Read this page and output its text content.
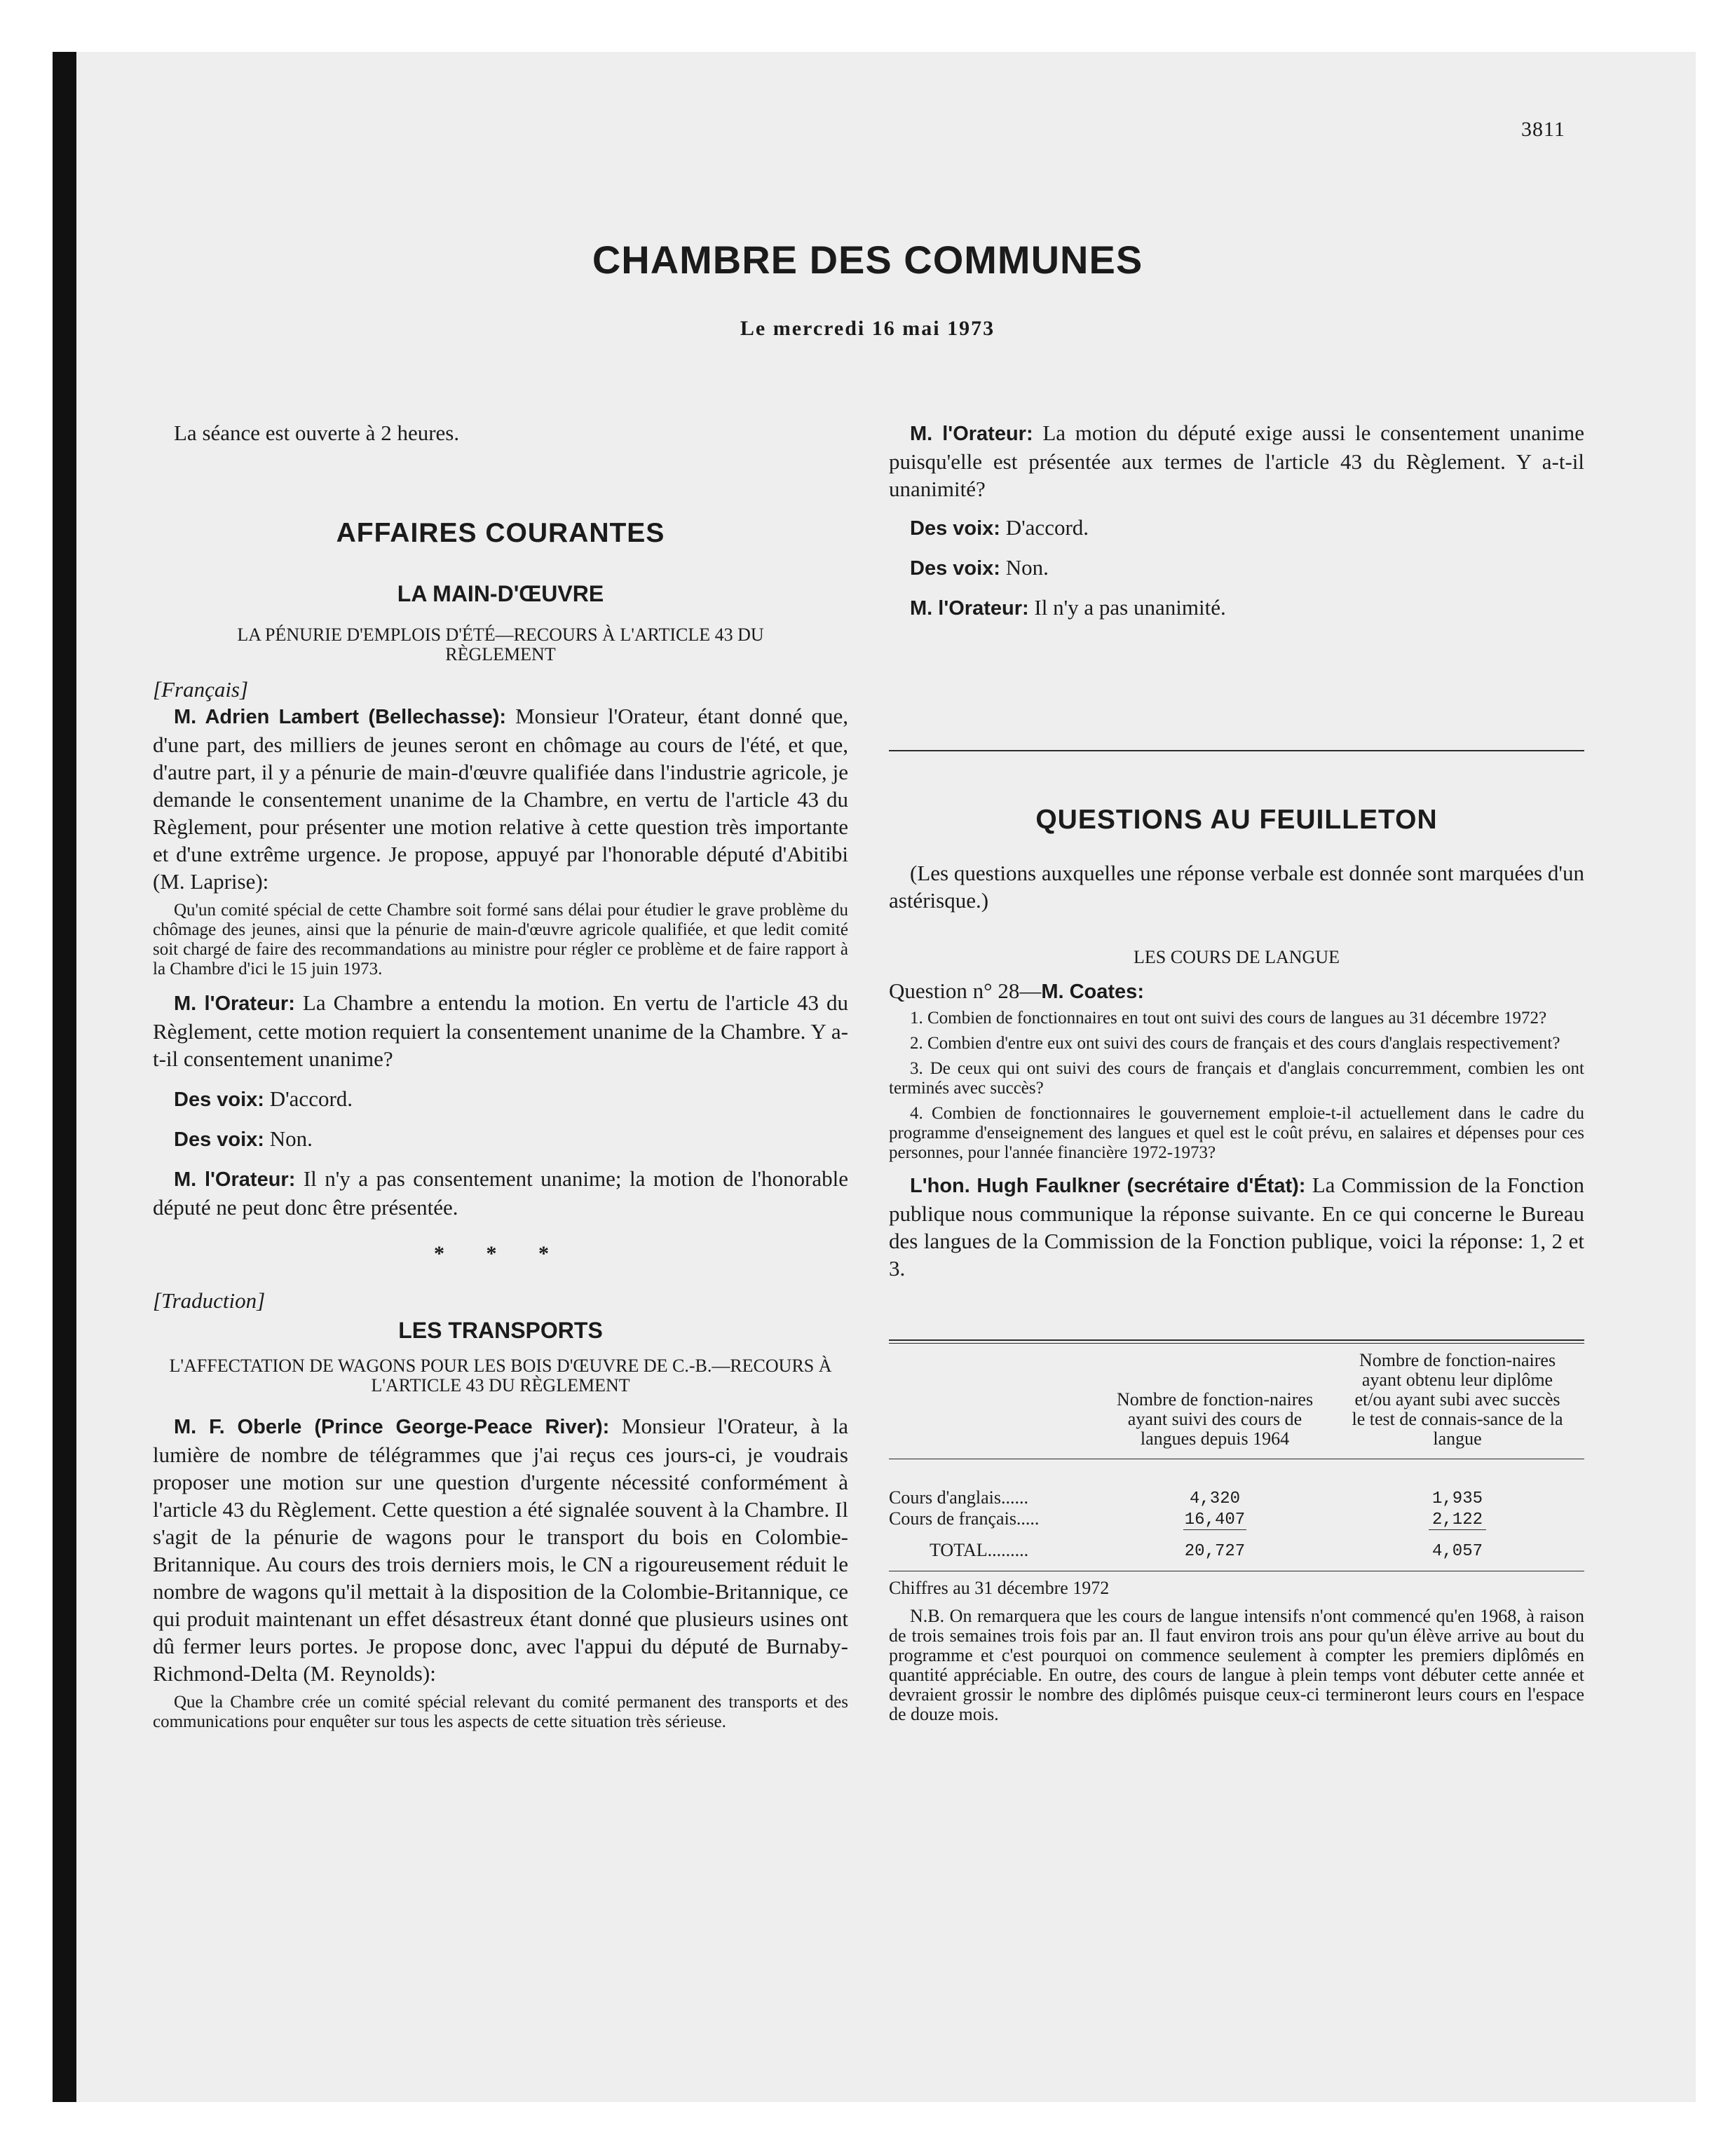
3811
CHAMBRE DES COMMUNES
Le mercredi 16 mai 1973

La séance est ouverte à 2 heures.

AFFAIRES COURANTES

LA MAIN-D'ŒUVRE

LA PÉNURIE D'EMPLOIS D'ÉTÉ—RECOURS À L'ARTICLE 43 DU RÈGLEMENT

[Français]

M. Adrien Lambert (Bellechasse): Monsieur l'Orateur, étant donné que, d'une part, des milliers de jeunes seront en chômage au cours de l'été, et que, d'autre part, il y a pénurie de main-d'œuvre qualifiée dans l'industrie agricole, je demande le consentement unanime de la Chambre, en vertu de l'article 43 du Règlement, pour présenter une motion relative à cette question très importante et d'une extrême urgence. Je propose, appuyé par l'honorable député d'Abitibi (M. Laprise):

Qu'un comité spécial de cette Chambre soit formé sans délai pour étudier le grave problème du chômage des jeunes, ainsi que la pénurie de main-d'œuvre agricole qualifiée, et que ledit comité soit chargé de faire des recommandations au ministre pour régler ce problème et de faire rapport à la Chambre d'ici le 15 juin 1973.

M. l'Orateur: La Chambre a entendu la motion. En vertu de l'article 43 du Règlement, cette motion requiert la consentement unanime de la Chambre. Y a-t-il consentement unanime?

Des voix: D'accord.

Des voix: Non.

M. l'Orateur: Il n'y a pas consentement unanime; la motion de l'honorable député ne peut donc être présentée.

* * *

[Traduction]

LES TRANSPORTS

L'AFFECTATION DE WAGONS POUR LES BOIS D'ŒUVRE DE C.-B.—RECOURS À L'ARTICLE 43 DU RÈGLEMENT

M. F. Oberle (Prince George-Peace River): Monsieur l'Orateur, à la lumière de nombre de télégrammes que j'ai reçus ces jours-ci, je voudrais proposer une motion sur une question d'urgente nécessité conformément à l'article 43 du Règlement. Cette question a été signalée souvent à la Chambre. Il s'agit de la pénurie de wagons pour le transport du bois en Colombie-Britannique. Au cours des trois derniers mois, le CN a rigoureusement réduit le nombre de wagons qu'il mettait à la disposition de la Colombie-Britannique, ce qui produit maintenant un effet désastreux étant donné que plusieurs usines ont dû fermer leurs portes. Je propose donc, avec l'appui du député de Burnaby-Richmond-Delta (M. Reynolds):

Que la Chambre crée un comité spécial relevant du comité permanent des transports et des communications pour enquêter sur tous les aspects de cette situation très sérieuse.

M. l'Orateur: La motion du député exige aussi le consentement unanime puisqu'elle est présentée aux termes de l'article 43 du Règlement. Y a-t-il unanimité?

Des voix: D'accord.

Des voix: Non.

M. l'Orateur: Il n'y a pas unanimité.

QUESTIONS AU FEUILLETON

(Les questions auxquelles une réponse verbale est donnée sont marquées d'un astérisque.)

LES COURS DE LANGUE

Question n° 28—M. Coates:

1. Combien de fonctionnaires en tout ont suivi des cours de langues au 31 décembre 1972?

2. Combien d'entre eux ont suivi des cours de français et des cours d'anglais respectivement?

3. De ceux qui ont suivi des cours de français et d'anglais concurremment, combien les ont terminés avec succès?

4. Combien de fonctionnaires le gouvernement emploie-t-il actuellement dans le cadre du programme d'enseignement des langues et quel est le coût prévu, en salaires et dépenses pour ces personnes, pour l'année financière 1972-1973?

L'hon. Hugh Faulkner (secrétaire d'État): La Commission de la Fonction publique nous communique la réponse suivante. En ce qui concerne le Bureau des langues de la Commission de la Fonction publique, voici la réponse: 1, 2 et 3.

	Nombre de fonction-naires ayant suivi des cours de langues depuis 1964	Nombre de fonction-naires ayant obtenu leur diplôme et/ou ayant subi avec succès le test de connais-sance de la langue

Cours d'anglais......	4,320	1,935
Cours de français.....	16,407	2,122

TOTAL.........	20,727	4,057

Chiffres au 31 décembre 1972

N.B. On remarquera que les cours de langue intensifs n'ont commencé qu'en 1968, à raison de trois semaines trois fois par an. Il faut environ trois ans pour qu'un élève arrive au bout du programme et c'est pourquoi on commence seulement à compter les premiers diplômés en quantité appréciable. En outre, des cours de langue à plein temps vont débuter cette année et devraient grossir le nombre des diplômés puisque ceux-ci termineront leurs cours en l'espace de douze mois.
